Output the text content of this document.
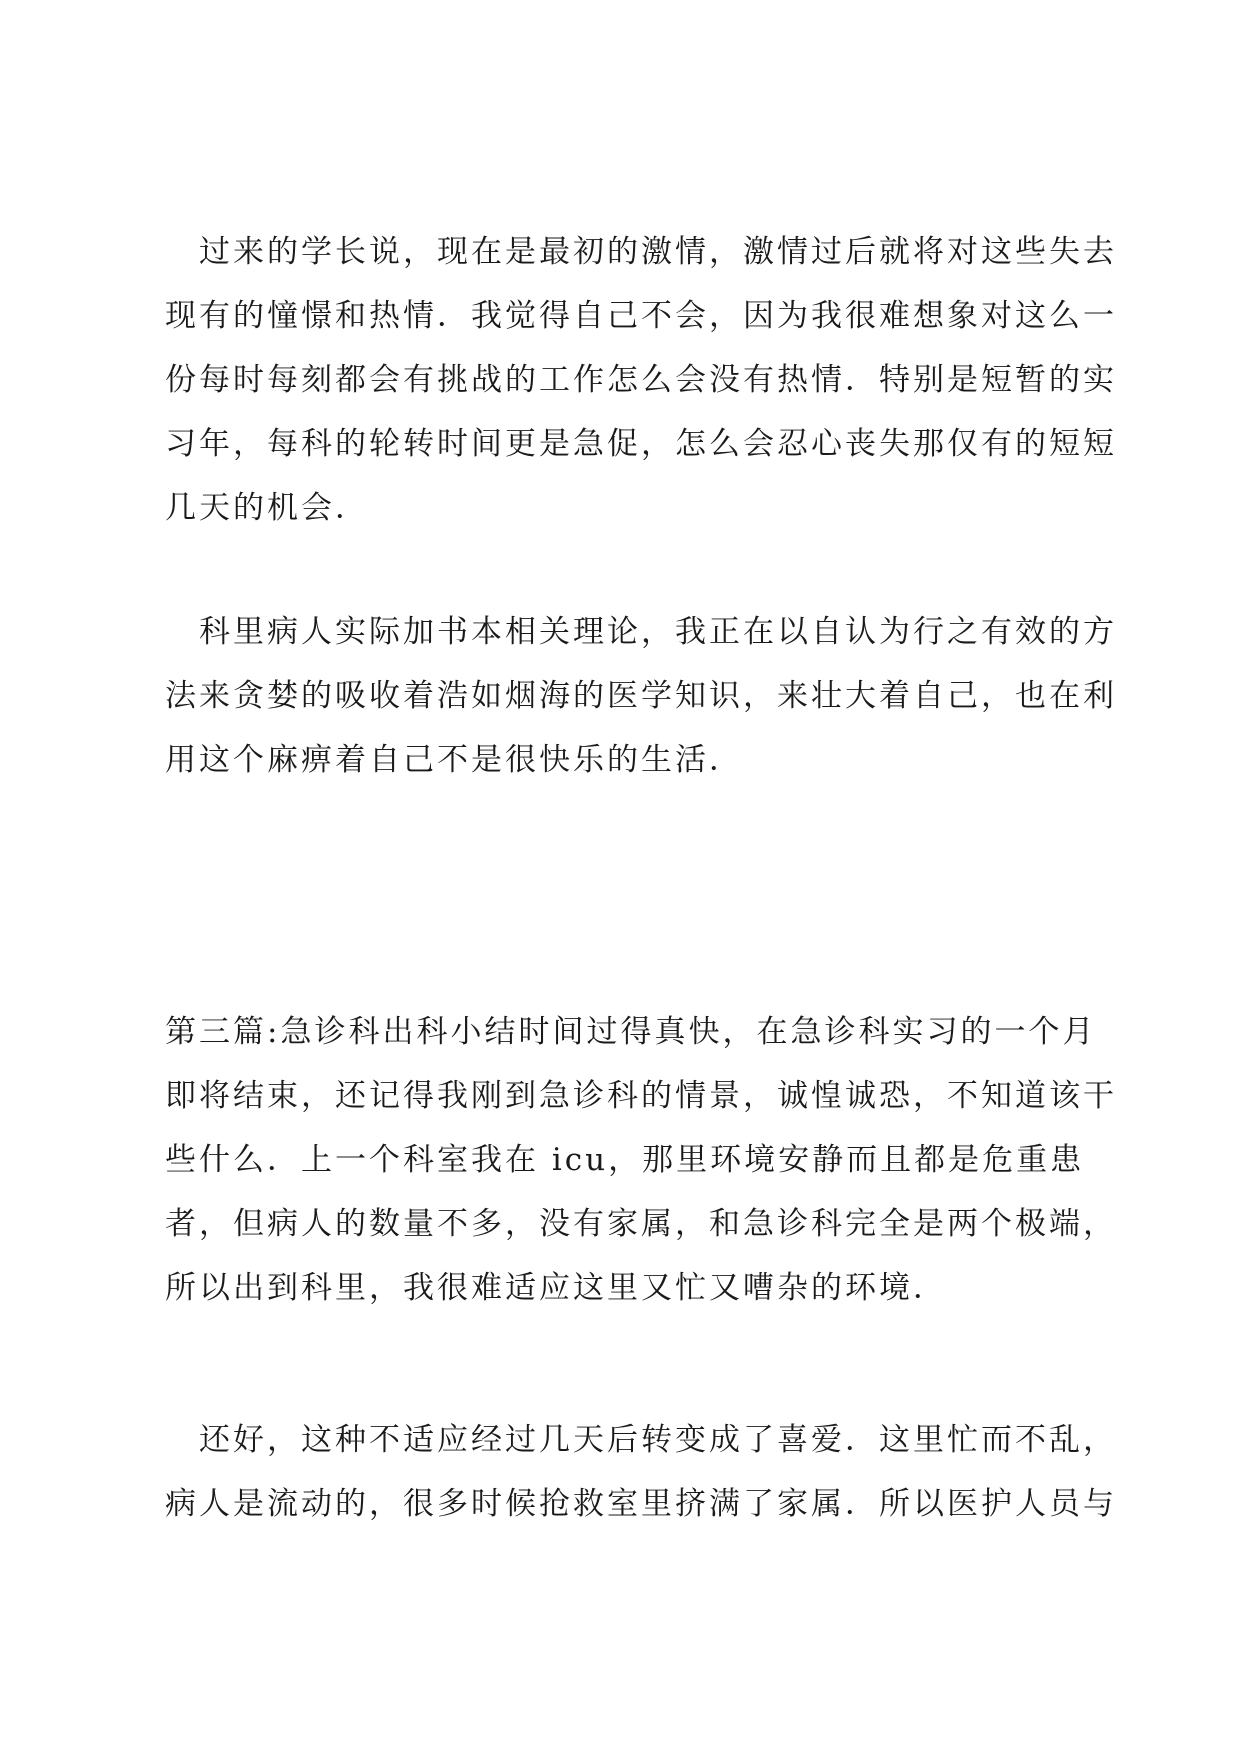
过来的学长说，现在是最初的激情，激情过后就将对这些失去
现有的憧憬和热情．我觉得自己不会，因为我很难想象对这么一
份每时每刻都会有挑战的工作怎么会没有热情．特别是短暂的实
习年，每科的轮转时间更是急促，怎么会忍心丧失那仅有的短短
几天的机会．
科里病人实际加书本相关理论，我正在以自认为行之有效的方
法来贪婪的吸收着浩如烟海的医学知识，来壮大着自己，也在利
用这个麻痹着自己不是很快乐的生活．
第三篇:急诊科出科小结时间过得真快，在急诊科实习的一个月
即将结束，还记得我刚到急诊科的情景，诚惶诚恐，不知道该干
些什么．上一个科室我在 icu，那里环境安静而且都是危重患
者，但病人的数量不多，没有家属，和急诊科完全是两个极端，
所以出到科里，我很难适应这里又忙又嘈杂的环境．
还好，这种不适应经过几天后转变成了喜爱．这里忙而不乱，
病人是流动的，很多时候抢救室里挤满了家属．所以医护人员与
